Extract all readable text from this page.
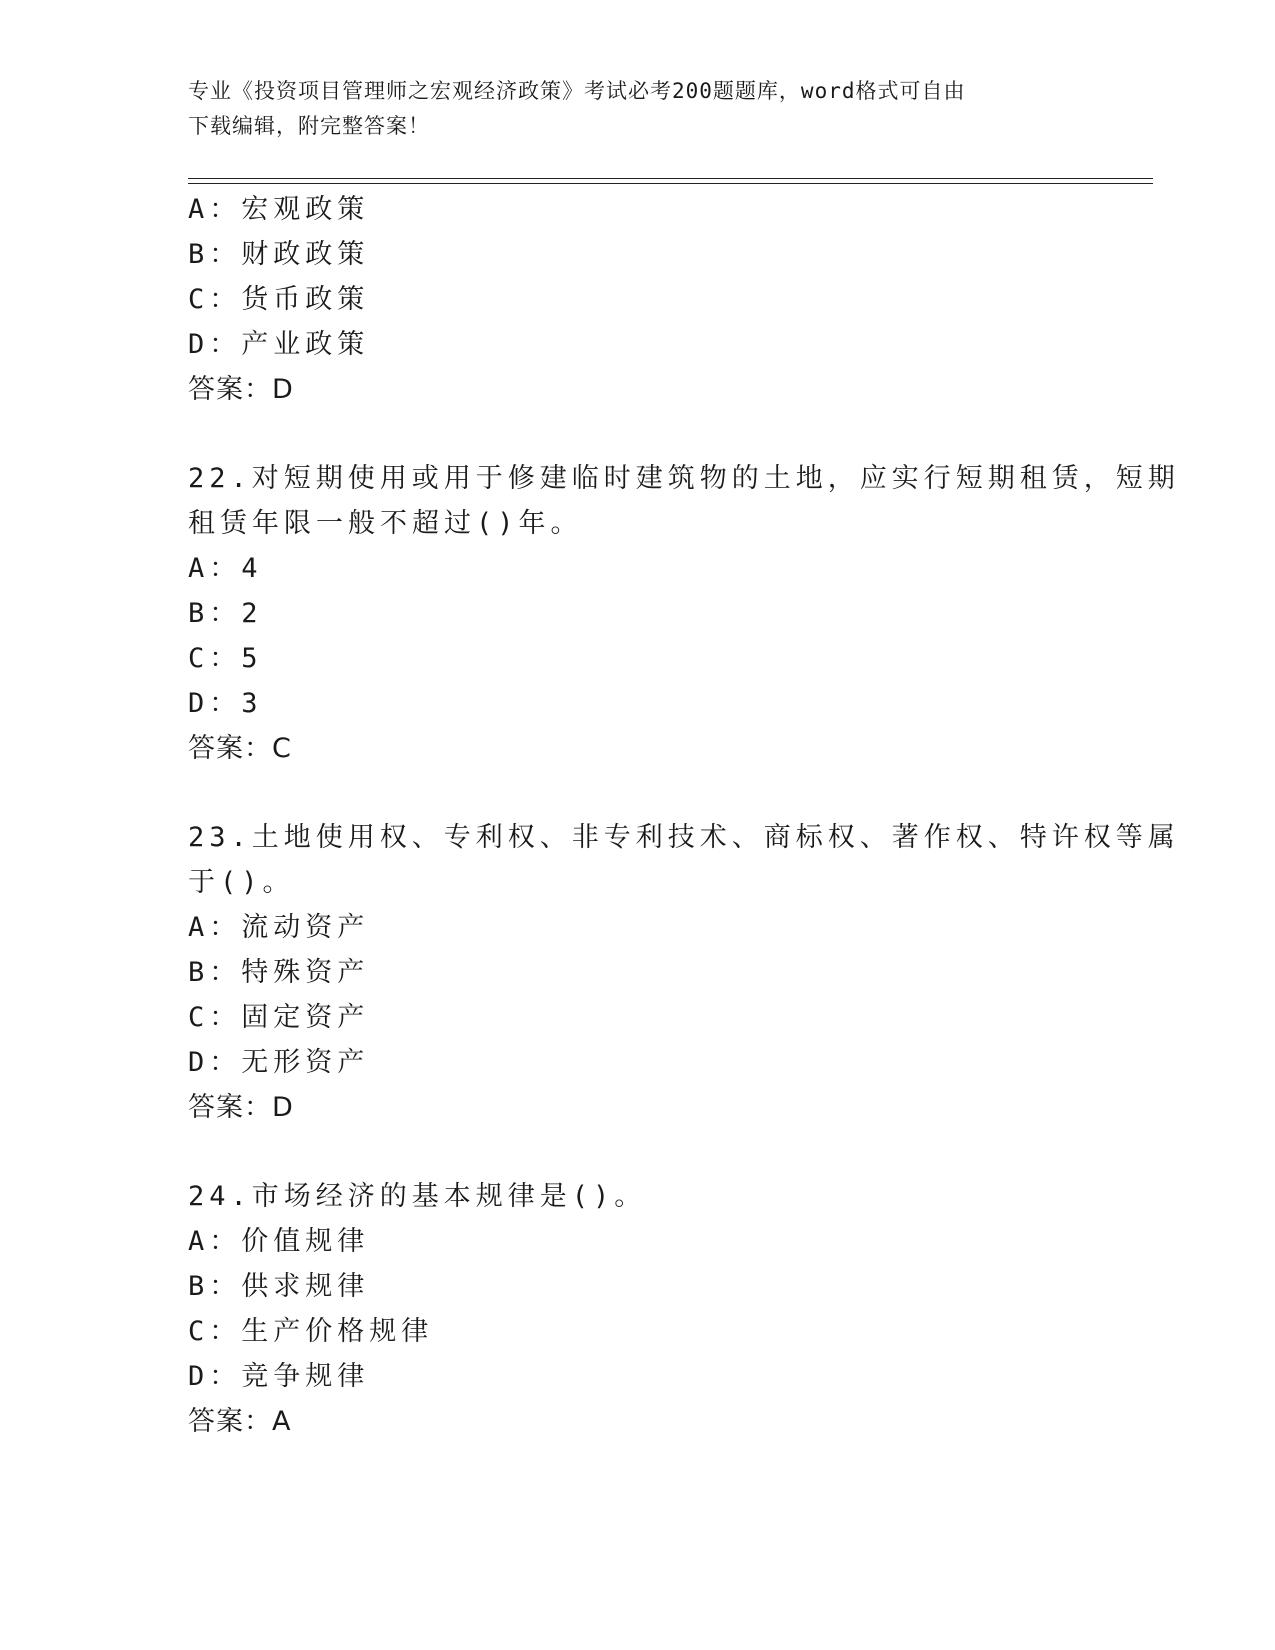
专业《投资项目管理师之宏观经济政策》考试必考200题题库，word格式可自由
下载编辑，附完整答案！
A：宏观政策
B：财政政策
C：货币政策
D：产业政策
答案：D
22.对短期使用或用于修建临时建筑物的土地，应实行短期租赁，短期
租赁年限一般不超过()年。
A：4
B：2
C：5
D：3
答案：C
23.土地使用权、专利权、非专利技术、商标权、著作权、特许权等属
于()。
A：流动资产
B：特殊资产
C：固定资产
D：无形资产
答案：D
24.市场经济的基本规律是()。
A：价值规律
B：供求规律
C：生产价格规律
D：竞争规律
答案：A
